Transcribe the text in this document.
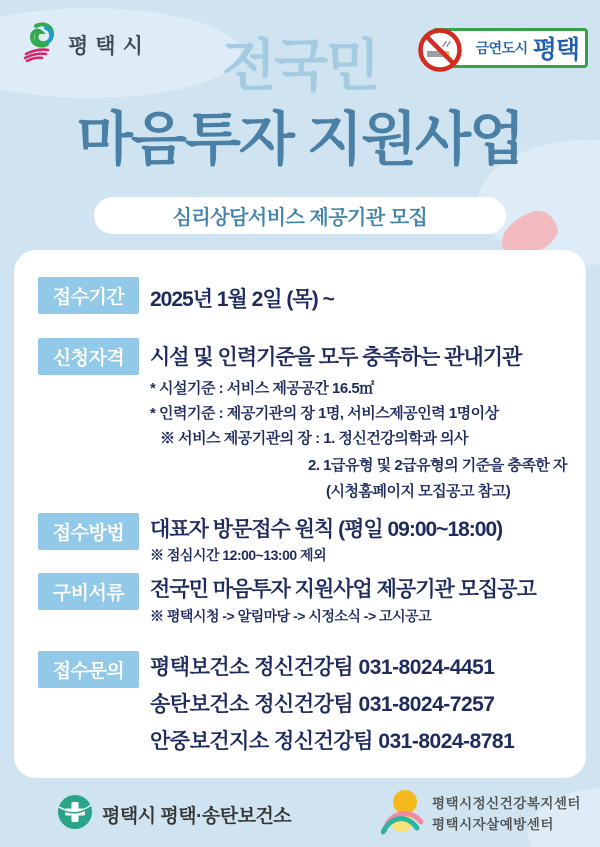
평택시	금연도시 평택
전국민
마음투자 지원사업
심리상담서비스 제공기관 모집
접수기간	2025년 1월 2일 (목) ~
신청자격	시설 및 인력기준을 모두 충족하는 관내기관
* 시설기준 : 서비스 제공공간 16.5㎡
* 인력기준 : 제공기관의 장 1명, 서비스제공인력 1명이상
※ 서비스 제공기관의 장 : 1. 정신건강의학과 의사
2. 1급유형 및 2급유형의 기준을 충족한 자
(시청홈페이지 모집공고 참고)
접수방법	대표자 방문접수 원칙 (평일 09:00~18:00)
※ 점심시간 12:00~13:00 제외
구비서류	전국민 마음투자 지원사업 제공기관 모집공고
※ 평택시청 -> 알림마당 -> 시정소식 -> 고시공고
접수문의	평택보건소 정신건강팀 031-8024-4451
송탄보건소 정신건강팀 031-8024-7257
안중보건지소 정신건강팀 031-8024-8781
평택시 평택·송탄보건소
평택시정신건강복지센터
평택시자살예방센터
